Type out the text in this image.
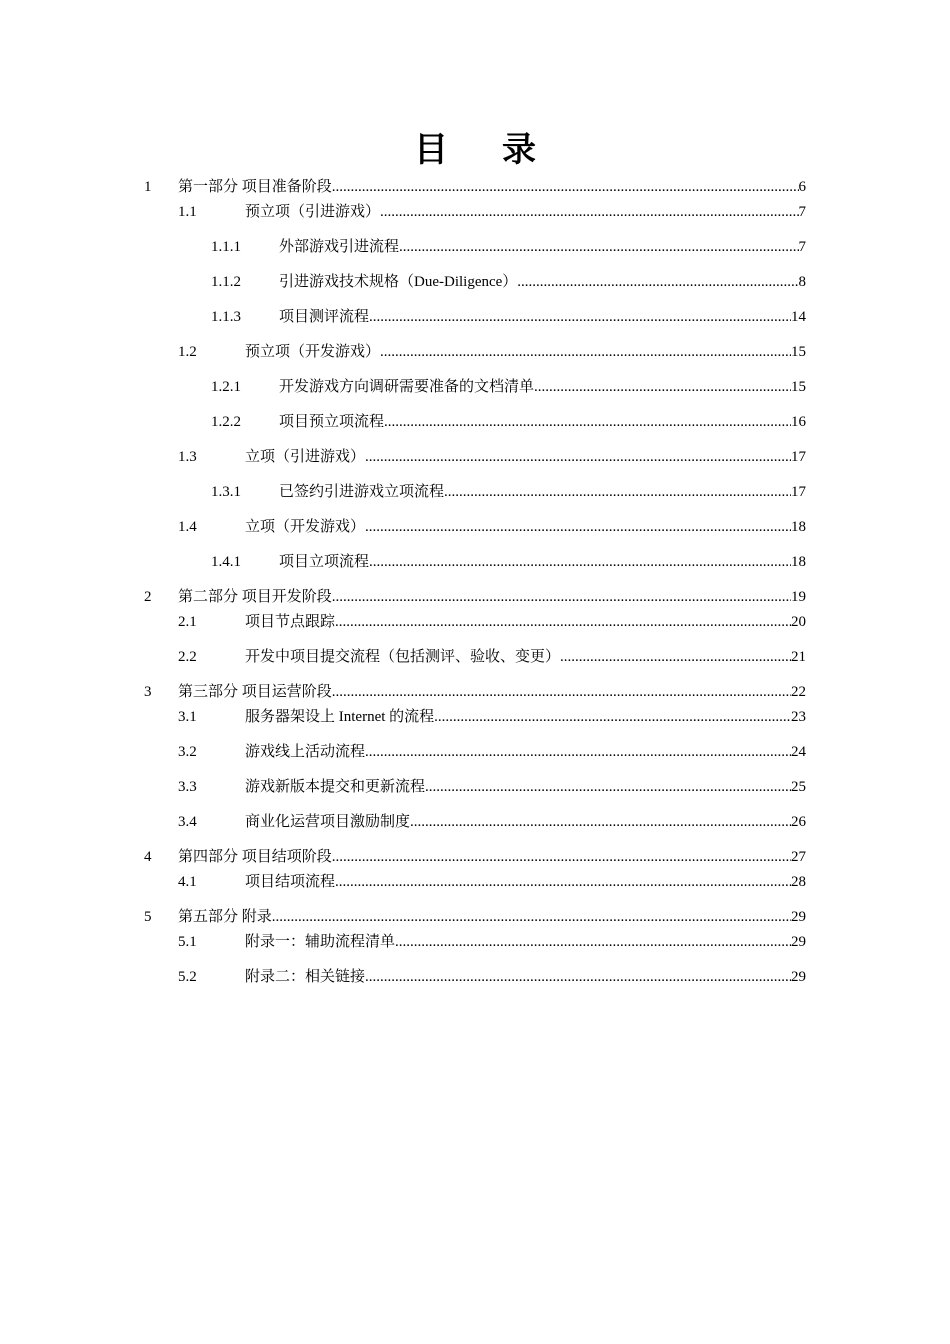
目录
1 第一部分 项目准备阶段 .....	6
1.1	预立项（引进游戏） .....	7
1.1.1	外部游戏引进流程 .....	7
1.1.2	引进游戏技术规格（Due-Diligence） .....	8
1.1.3	项目测评流程 .....	14
1.2	预立项（开发游戏） .....	15
1.2.1	开发游戏方向调研需要准备的文档清单 .....	15
1.2.2	项目预立项流程 .....	16
1.3	立项（引进游戏） .....	17
1.3.1	已签约引进游戏立项流程 .....	17
1.4	立项（开发游戏） .....	18
1.4.1	项目立项流程 .....	18
2 第二部分 项目开发阶段 .....	19
2.1	项目节点跟踪 .....	20
2.2	开发中项目提交流程（包括测评、验收、变更） .....	21
3 第三部分 项目运营阶段 .....	22
3.1	服务器架设上 Internet 的流程 .....	23
3.2	游戏线上活动流程 .....	24
3.3	游戏新版本提交和更新流程 .....	25
3.4	商业化运营项目激励制度 .....	26
4 第四部分 项目结项阶段 .....	27
4.1	项目结项流程 .....	28
5 第五部分 附录 .....	29
5.1	附录一：辅助流程清单 .....	29
5.2	附录二：相关链接 .....	29
